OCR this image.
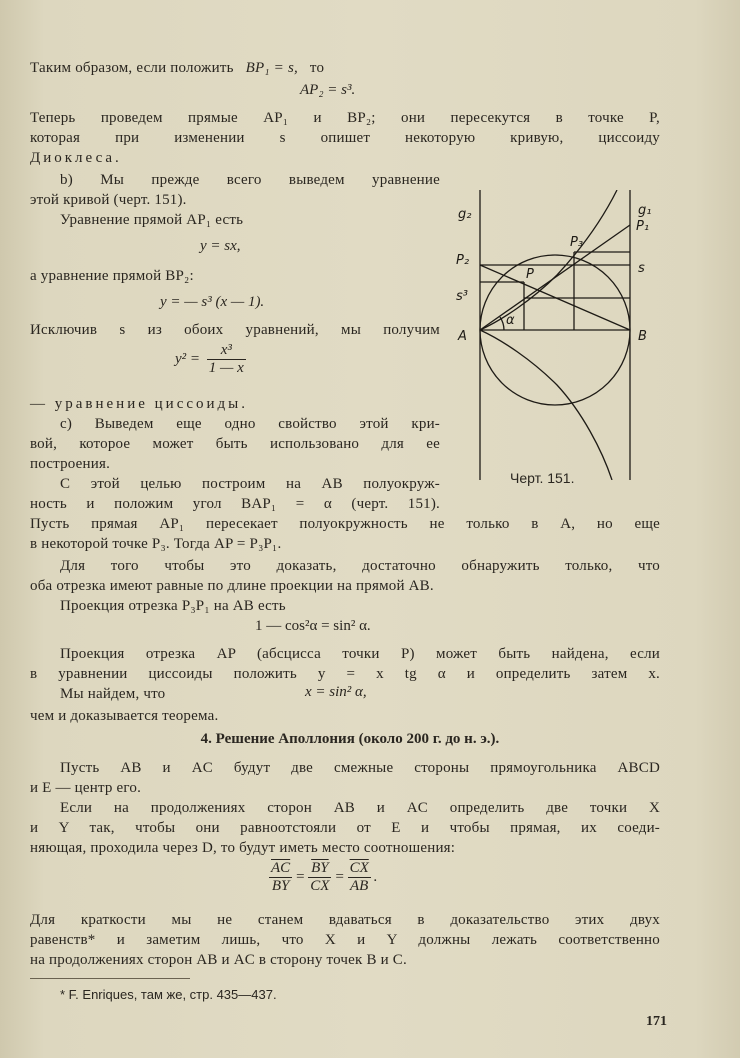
Таким образом, если положить BP₁ = s, то
AP₂ = s³.
Теперь проведем прямые AP₁ и BP₂; они пересекутся в точке P,
которая при изменении s опишет некоторую кривую, циссоиду
Диоклеса.
b) Мы прежде всего выведем уравнение
этой кривой (черт. 151).
Уравнение прямой AP₁ есть
y = sx,
а уравнение прямой BP₂:
y = — s³ (x — 1).
Исключив s из обоих уравнений, мы получим
$y^2 = \frac{\text{x³}}{1 — x}$
— уравнение циссоиды.
c) Выведем еще одно свойство этой кри-
вой, которое может быть использовано для ее
построения.
С этой целью построим на AB полуокруж-
ность и положим угол BAP₁ = α (черт. 151).
Пусть прямая AP₁ пересекает полуокружность не только в A, но еще
в некоторой точке P₃. Тогда AP = P₃P₁.
Для того чтобы это доказать, достаточно обнаружить только, что
оба отрезка имеют равные по длине проекции на прямой AB.
Проекция отрезка P₃P₁ на AB есть
1 — cos²α = sin² α.
Проекция отрезка AP (абсцисса точки P) может быть найдена, если
в уравнении циссоиды положить y = x tg α и определить затем x.
Мы найдем, что	x = sin² α,
чем и доказывается теорема.
4. Решение Аполлония (около 200 г. до н. э.).
Пусть AB и AC будут две смежные стороны прямоугольника ABCD
и E — центр его.
Если на продолжениях сторон AB и AC определить две точки X
и Y так, чтобы они равноотстояли от E и чтобы прямая, их соеди-
няющая, проходила через D, то будут иметь место соотношения:
$\frac{\overline{AC}}{BY} = \frac{\overline{BY}}{CX} = \frac{\overline{CX}}{AB}$ .
Для краткости мы не станем вдаваться в доказательство этих двух
равенств* и заметим лишь, что X и Y должны лежать соответственно
на продолжениях сторон AB и AC в сторону точек B и C.
* F. Enriques, там же, стр. 435—437.
171
g₂	g₁
P₁
P₂
P₃
P	s
s³
α
A	B
Черт. 151.
